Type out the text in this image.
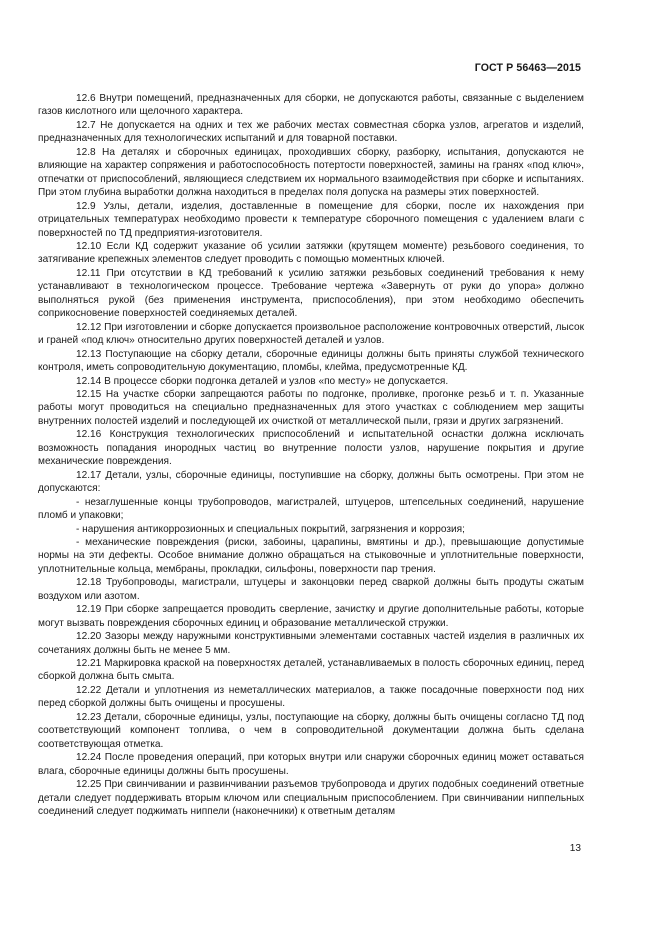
ГОСТ Р 56463—2015

12.6 Внутри помещений, предназначенных для сборки, не допускаются работы, связанные с выделением газов кислотного или щелочного характера.

12.7 Не допускается на одних и тех же рабочих местах совместная сборка узлов, агрегатов и изделий, предназначенных для технологических испытаний и для товарной поставки.

12.8 На деталях и сборочных единицах, проходивших сборку, разборку, испытания, допускаются не влияющие на характер сопряжения и работоспособность потертости поверхностей, замины на гранях «под ключ», отпечатки от приспособлений, являющиеся следствием их нормального взаимодействия при сборке и испытаниях. При этом глубина выработки должна находиться в пределах поля допуска на размеры этих поверхностей.

12.9 Узлы, детали, изделия, доставленные в помещение для сборки, после их нахождения при отрицательных температурах необходимо провести к температуре сборочного помещения с удалением влаги с поверхностей по ТД предприятия-изготовителя.

12.10 Если КД содержит указание об усилии затяжки (крутящем моменте) резьбового соединения, то затягивание крепежных элементов следует проводить с помощью моментных ключей.

12.11 При отсутствии в КД требований к усилию затяжки резьбовых соединений требования к нему устанавливают в технологическом процессе. Требование чертежа «Завернуть от руки до упора» должно выполняться рукой (без применения инструмента, приспособления), при этом необходимо обеспечить соприкосновение поверхностей соединяемых деталей.

12.12 При изготовлении и сборке допускается произвольное расположение контровочных отверстий, лысок и граней «под ключ» относительно других поверхностей деталей и узлов.

12.13 Поступающие на сборку детали, сборочные единицы должны быть приняты службой технического контроля, иметь сопроводительную документацию, пломбы, клейма, предусмотренные КД.

12.14 В процессе сборки подгонка деталей и узлов «по месту» не допускается.

12.15 На участке сборки запрещаются работы по подгонке, проливке, прогонке резьб и т. п. Указанные работы могут проводиться на специально предназначенных для этого участках с соблюдением мер защиты внутренних полостей изделий и последующей их очисткой от металлической пыли, грязи и других загрязнений.

12.16 Конструкция технологических приспособлений и испытательной оснастки должна исключать возможность попадания инородных частиц во внутренние полости узлов, нарушение покрытия и другие механические повреждения.

12.17 Детали, узлы, сборочные единицы, поступившие на сборку, должны быть осмотрены. При этом не допускаются:

- незаглушенные концы трубопроводов, магистралей, штуцеров, штепсельных соединений, нарушение пломб и упаковки;

- нарушения антикоррозионных и специальных покрытий, загрязнения и коррозия;

- механические повреждения (риски, забоины, царапины, вмятины и др.), превышающие допустимые нормы на эти дефекты. Особое внимание должно обращаться на стыковочные и уплотнительные поверхности, уплотнительные кольца, мембраны, прокладки, сильфоны, поверхности пар трения.

12.18 Трубопроводы, магистрали, штуцеры и законцовки перед сваркой должны быть продуты сжатым воздухом или азотом.

12.19 При сборке запрещается проводить сверление, зачистку и другие дополнительные работы, которые могут вызвать повреждения сборочных единиц и образование металлической стружки.

12.20 Зазоры между наружными конструктивными элементами составных частей изделия в различных их сочетаниях должны быть не менее 5 мм.

12.21 Маркировка краской на поверхностях деталей, устанавливаемых в полость сборочных единиц, перед сборкой должна быть смыта.

12.22 Детали и уплотнения из неметаллических материалов, а также посадочные поверхности под них перед сборкой должны быть очищены и просушены.

12.23 Детали, сборочные единицы, узлы, поступающие на сборку, должны быть очищены согласно ТД под соответствующий компонент топлива, о чем в сопроводительной документации должна быть сделана соответствующая отметка.

12.24 После проведения операций, при которых внутри или снаружи сборочных единиц может оставаться влага, сборочные единицы должны быть просушены.

12.25 При свинчивании и развинчивании разъемов трубопровода и других подобных соединений ответные детали следует поддерживать вторым ключом или специальным приспособлением. При свинчивании ниппельных соединений следует поджимать ниппели (наконечники) к ответным деталям

13
